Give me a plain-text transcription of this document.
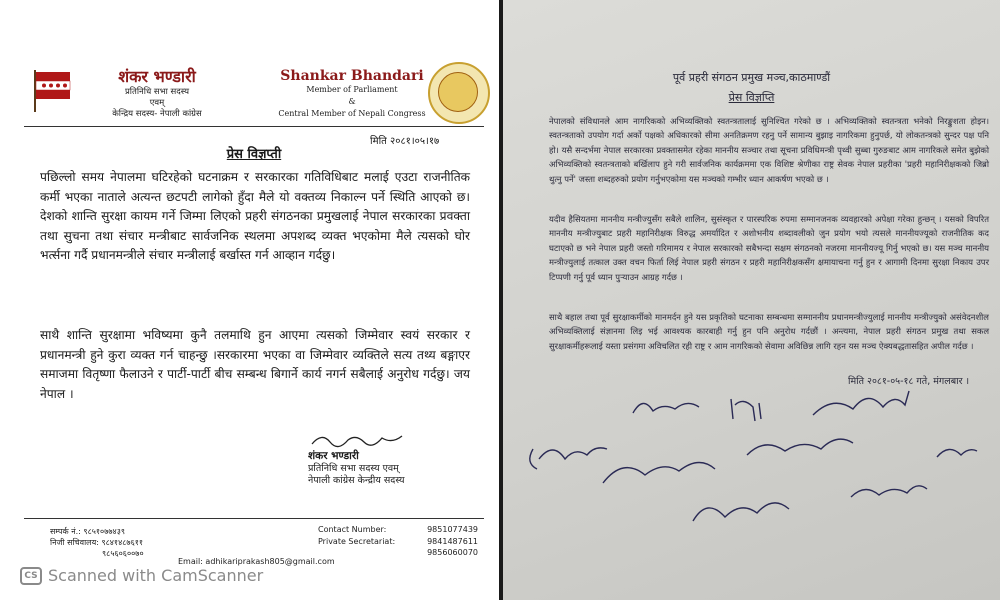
शंकर भण्डारी
प्रतिनिधि सभा सदस्य
एवम्
केन्द्रिय सदस्य- नेपाली कांग्रेस
Shankar Bhandari
Member of Parliament
&
Central Member of Nepali Congress
मिति २०८१।०५।१७
प्रेस विज्ञप्ती
पछिल्लो समय नेपालमा घटिरहेको घटनाक्रम र सरकारका गतिविधिबाट मलाई एउटा राजनीतिक कर्मी भएका नाताले अत्यन्त छटपटी लागेको हुँदा मैले यो वक्तव्य निकाल्न पर्ने स्थिति आएको छ। देशको शान्ति सुरक्षा कायम गर्ने जिम्मा लिएको प्रहरी संगठनका प्रमुखलाई नेपाल सरकारका प्रवक्ता तथा सुचना तथा संचार मन्त्रीबाट सार्वजनिक स्थलमा अपशब्द व्यक्त भएकोमा मैले त्यसको घोर भर्त्सना गर्दै प्रधानमन्त्रीले संचार मन्त्रीलाई बर्खास्त गर्न आव्हान गर्दछु।
साथै शान्ति सुरक्षामा भविष्यमा कुनै तलमाथि हुन आएमा त्यसको जिम्मेवार स्वयं सरकार र प्रधानमन्त्री हुने कुरा व्यक्त गर्न चाहन्छु ।सरकारमा भएका वा जिम्मेवार व्यक्तिले सत्य तथ्य बङ्गाएर समाजमा वितृष्णा फैलाउने र पार्टी-पार्टी बीच सम्बन्ध बिगार्ने कार्य नगर्न सबैलाई अनुरोध गर्दछु। जय नेपाल ।
शंकर भण्डारी
प्रतिनिधि सभा सदस्य एवम्
नेपाली कांग्रेस केन्द्रीय सदस्य
सम्पर्क नं.: ९८५१०७७४३९
निजी सचिवालय: ९८४१४८७६११
९८५६०६००७०
Contact Number:	9851077439
Private Secretariat:	9841487611
9856060070
Email: adhikariprakash805@gmail.com
CS Scanned with CamScanner
पूर्व प्रहरी संगठन प्रमुख मञ्च,काठमाण्डौं
प्रेस विज्ञप्ति
नेपालको संविधानले आम नागरिकको अभिव्यक्तिको स्वतन्त्रतालाई सुनिश्चित गरेको छ । अभिव्यक्तिको स्वतन्त्रता भनेको निरङ्कुशता होइन। स्वतन्त्रताको उपयोग गर्दा अर्को पक्षको अधिकारको सीमा अनतिक्रमण रहनु पर्ने सामान्य बुझाइ नागरिकमा हुनुपर्छ, यो लोकतन्त्रको सुन्दर पक्ष पनि हो। यसै सन्दर्भमा नेपाल सरकारका प्रवक्तासमेत रहेका माननीय सञ्चार तथा सूचना प्रविधिमन्त्री पृथ्वी सुब्बा गुरुङबाट आम नागरिकले समेत बुझेको अभिव्यक्तिको स्वतन्त्रताको बर्खिलाप हुने गरी सार्वजनिक कार्यक्रममा एक विशिष्ट श्रेणीका राष्ट्र सेवक नेपाल प्रहरीका 'प्रहरी महानिरीक्षकको जिब्रो थुत्नु पर्ने' जस्ता शब्दहरुको प्रयोग गर्नुभएकोमा यस मञ्चको गम्भीर ध्यान आकर्षण भएको छ ।
यदीव हैसियतमा माननीय मन्त्रीज्युसँग सबैले शालिन, सुसंस्कृत र पारस्परिक रुपमा सम्मानजनक व्यवहारको अपेक्षा गरेका हुन्छन् । यसको विपरित माननीय मन्त्रीज्युबाट प्रहरी महानिरीक्षक विरुद्ध अमर्यादित र अशोभनीय शब्दावलीको जुन प्रयोग भयो त्यसले माननीयज्यूको राजनीतिक कद घटाएको छ भने नेपाल प्रहरी जस्तो गरिमामय र नेपाल सरकारको सबैभन्दा सक्षम संगठनको नजरमा माननीयज्यू गिर्नु भएको छ। यस मञ्च माननीय मन्त्रीज्युलाई तत्काल उक्त वचन फिर्ता लिई नेपाल प्रहरी संगठन र प्रहरी महानिरीक्षकसँग क्षमायाचना गर्नु हुन र आगामी दिनमा सुरक्षा निकाय उपर टिप्पणी गर्नु पूर्व ध्यान पुर्‍याउन आग्रह गर्दछ ।
साथै बहाल तथा पूर्व सुरक्षाकर्मीको मानमर्दन हुने यस प्रकृतिको घटनाका सम्बन्धमा सम्माननीय प्रधानमन्त्रीज्युलाई माननीय मन्त्रीज्युको असंवेदनशील अभिव्यक्तिलाई संज्ञानमा लिइ भई आवश्यक कारबाही गर्नु हुन पनि अनुरोध गर्दछौं । अन्त्यमा, नेपाल प्रहरी संगठन प्रमुख तथा सकल सुरक्षाकर्मीहरूलाई यस्ता प्रसंगमा अविचलित रही राष्ट्र र आम नागरिकको सेवामा अविछिन्न लागि रहन यस मञ्च ऐक्यबद्धतासहित अपील गर्दछ ।
मिति २०८१-०५-१८ गते, मंगलबार ।
